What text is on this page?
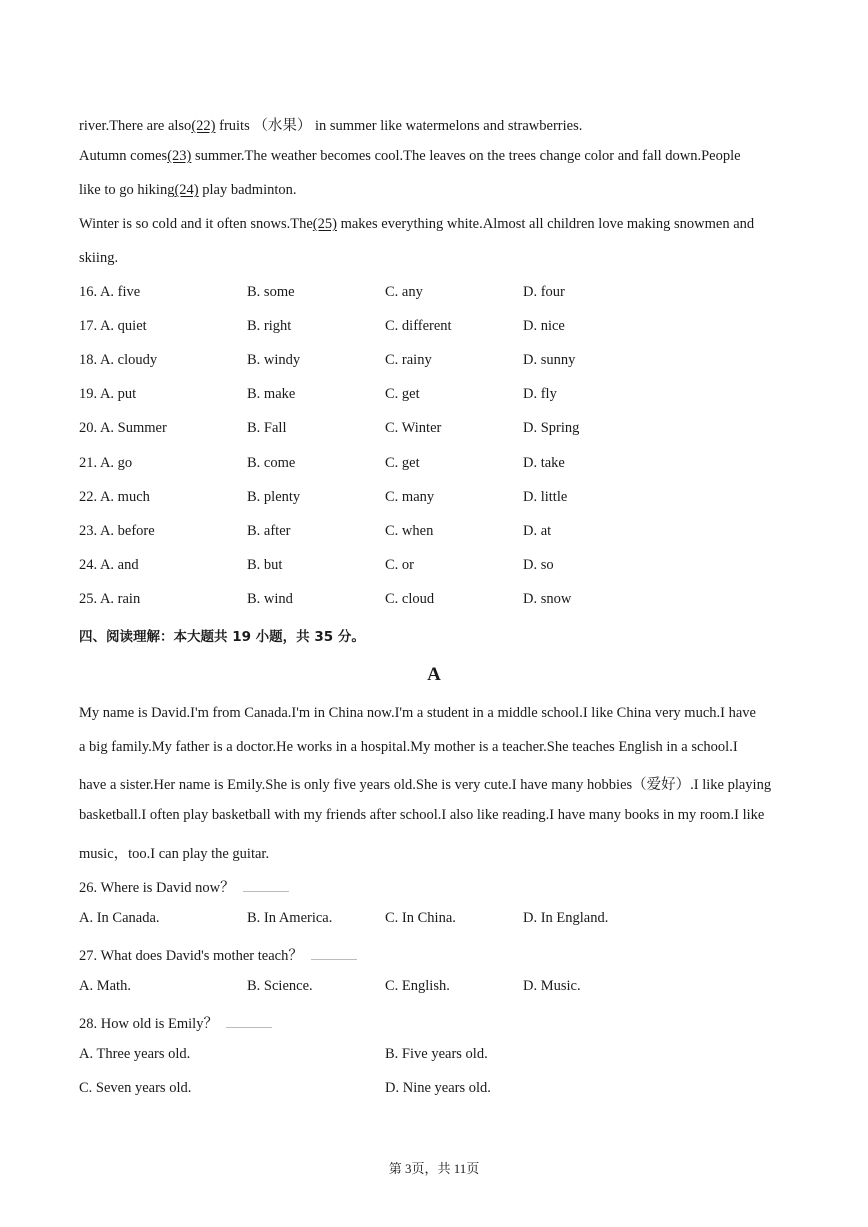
river.There are also(22) fruits （水果） in summer like watermelons and strawberries.
Autumn comes(23) summer.The weather becomes cool.The leaves on the trees change color and fall down.People
like to go hiking(24) play badminton.
Winter is so cold and it often snows.The(25) makes everything white.Almost all children love making snowmen and
skiing.
16. A. five	B. some	C. any	D. four
17. A. quiet	B. right	C. different	D. nice
18. A. cloudy	B. windy	C. rainy	D. sunny
19. A. put	B. make	C. get	D. fly
20. A. Summer	B. Fall	C. Winter	D. Spring
21. A. go	B. come	C. get	D. take
22. A. much	B. plenty	C. many	D. little
23. A. before	B. after	C. when	D. at
24. A. and	B. but	C. or	D. so
25. A. rain	B. wind	C. cloud	D. snow
四、阅读理解：本大题共 19 小题，共 35 分。
A
My name is David.I'm from Canada.I'm in China now.I'm a student in a middle school.I like China very much.I have
a big family.My father is a doctor.He works in a hospital.My mother is a teacher.She teaches English in a school.I
have a sister.Her name is Emily.She is only five years old.She is very cute.I have many hobbies（爱好）.I like playing
basketball.I often play basketball with my friends after school.I also like reading.I have many books in my room.I like
music，too.I can play the guitar.
26. Where is David now？
A. In Canada.	B. In America.	C. In China.	D. In England.
27. What does David's mother teach？
A. Math.	B. Science.	C. English.	D. Music.
28. How old is Emily？
A. Three years old.	B. Five years old.
C. Seven years old.	D. Nine years old.
第 3页，共 11页
